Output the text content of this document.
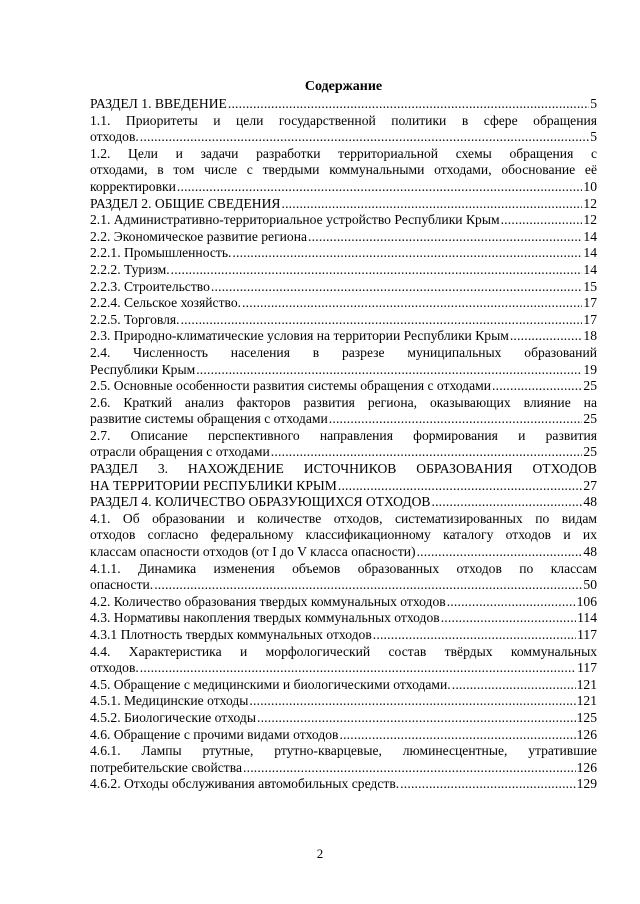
Содержание
РАЗДЕЛ 1. ВВЕДЕНИЕ .....	5
1.1. Приоритеты и цели государственной политики в сфере обращения
отходов. .....	5
1.2. Цели и задачи разработки территориальной схемы обращения с
отходами, в том числе с твердыми коммунальными отходами, обоснование её
корректировки .....	10
РАЗДЕЛ 2. ОБЩИЕ СВЕДЕНИЯ .....	12
2.1. Административно-территориальное устройство Республики Крым .....	12
2.2. Экономическое развитие региона .....	14
2.2.1. Промышленность. .....	14
2.2.2. Туризм. .....	14
2.2.3. Строительство .....	15
2.2.4. Сельское хозяйство. .....	17
2.2.5. Торговля. .....	17
2.3. Природно-климатические условия на территории Республики Крым .....	18
2.4. Численность населения в разрезе муниципальных образований
Республики Крым .....	19
2.5. Основные особенности развития системы обращения с отходами .....	25
2.6. Краткий анализ факторов развития региона, оказывающих влияние на
развитие системы обращения с отходами .....	25
2.7. Описание перспективного направления формирования и развития
отрасли обращения с отходами .....	25
РАЗДЕЛ 3. НАХОЖДЕНИЕ ИСТОЧНИКОВ ОБРАЗОВАНИЯ ОТХОДОВ
НА ТЕРРИТОРИИ РЕСПУБЛИКИ КРЫМ .....	27
РАЗДЕЛ 4. КОЛИЧЕСТВО ОБРАЗУЮЩИХСЯ ОТХОДОВ .....	48
4.1. Об образовании и количестве отходов, систематизированных по видам
отходов согласно федеральному классификационному каталогу отходов и их
классам опасности отходов (от I до V класса опасности) .....	48
4.1.1. Динамика изменения объемов образованных отходов по классам
опасности. .....	50
4.2. Количество образования твердых коммунальных отходов .....	106
4.3. Нормативы накопления твердых коммунальных отходов .....	114
4.3.1 Плотность твердых коммунальных отходов .....	117
4.4. Характеристика и морфологический состав твёрдых коммунальных
отходов. .....	117
4.5. Обращение с медицинскими и биологическими отходами. .....	121
4.5.1. Медицинские отходы .....	121
4.5.2. Биологические отходы .....	125
4.6. Обращение с прочими видами отходов .....	126
4.6.1. Лампы ртутные, ртутно-кварцевые, люминесцентные, утратившие
потребительские свойства .....	126
4.6.2. Отходы обслуживания автомобильных средств. .....	129
2
